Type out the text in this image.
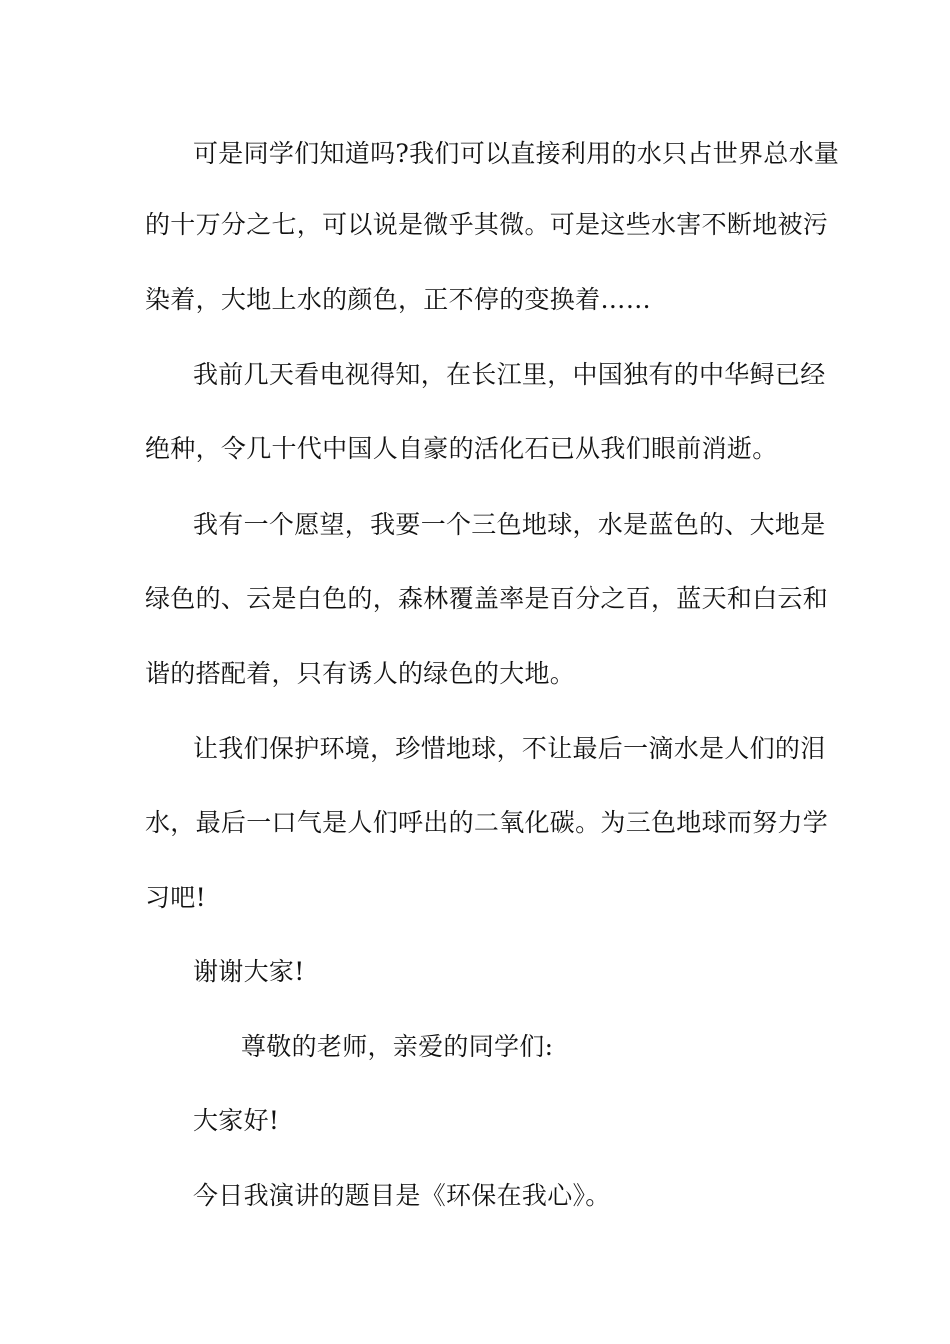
可是同学们知道吗?我们可以直接利用的水只占世界总水量
的十万分之七，可以说是微乎其微。可是这些水害不断地被污
染着，大地上水的颜色，正不停的变换着……
我前几天看电视得知，在长江里，中国独有的中华鲟已经
绝种，令几十代中国人自豪的活化石已从我们眼前消逝。
我有一个愿望，我要一个三色地球，水是蓝色的、大地是
绿色的、云是白色的，森林覆盖率是百分之百，蓝天和白云和
谐的搭配着，只有诱人的绿色的大地。
让我们保护环境，珍惜地球，不让最后一滴水是人们的泪
水，最后一口气是人们呼出的二氧化碳。为三色地球而努力学
习吧!
谢谢大家!
尊敬的老师，亲爱的同学们:
大家好!
今日我演讲的题目是《环保在我心》。
